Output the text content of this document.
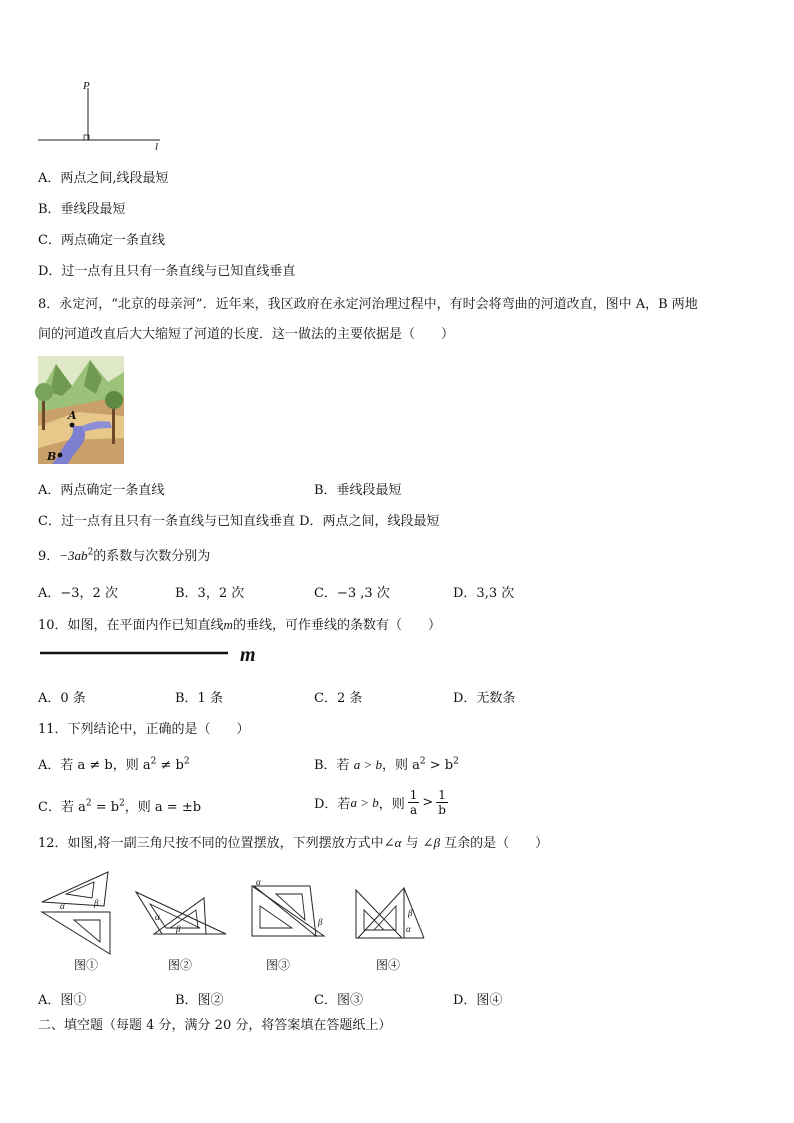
P
l
A．两点之间,线段最短
B．垂线段最短
C．两点确定一条直线
D．过一点有且只有一条直线与已知直线垂直
8．永定河，“北京的母亲河”．近年来，我区政府在永定河治理过程中，有时会将弯曲的河道改直，图中 A，B 两地
间的河道改直后大大缩短了河道的长度．这一做法的主要依据是（　　）
A
B
A．两点确定一条直线	B．垂线段最短
C．过一点有且只有一条直线与已知直线垂直 D．两点之间，线段最短
9．$-3ab^2$的系数与次数分别为
A．−3，2 次	B．3，2 次	C．−3 ,3 次	D．3,3 次
10．如图，在平面内作已知直线m的垂线，可作垂线的条数有（　　）
m
A．0 条	B．1 条	C．2 条	D．无数条
11．下列结论中，正确的是（　　）
A．若 a ≠ b，则 $a^2 \ne b^2$	B．若 a > b，则 $a^2 > b^2$
C．若 $a^2 = b^2$，则 a = ±b	D．若 a > b ，则 $\frac{1}{a} > \frac{1}{b}$
12．如图,将一副三角尺按不同的位置摆放，下列摆放方式中∠α 与 ∠β 互余的是（　　）
α	β
图①
α
β
图②
α
β
图③
β
α
图④
A．图①	B．图②	C．图③	D．图④
二、填空题（每题 4 分，满分 20 分，将答案填在答题纸上）
